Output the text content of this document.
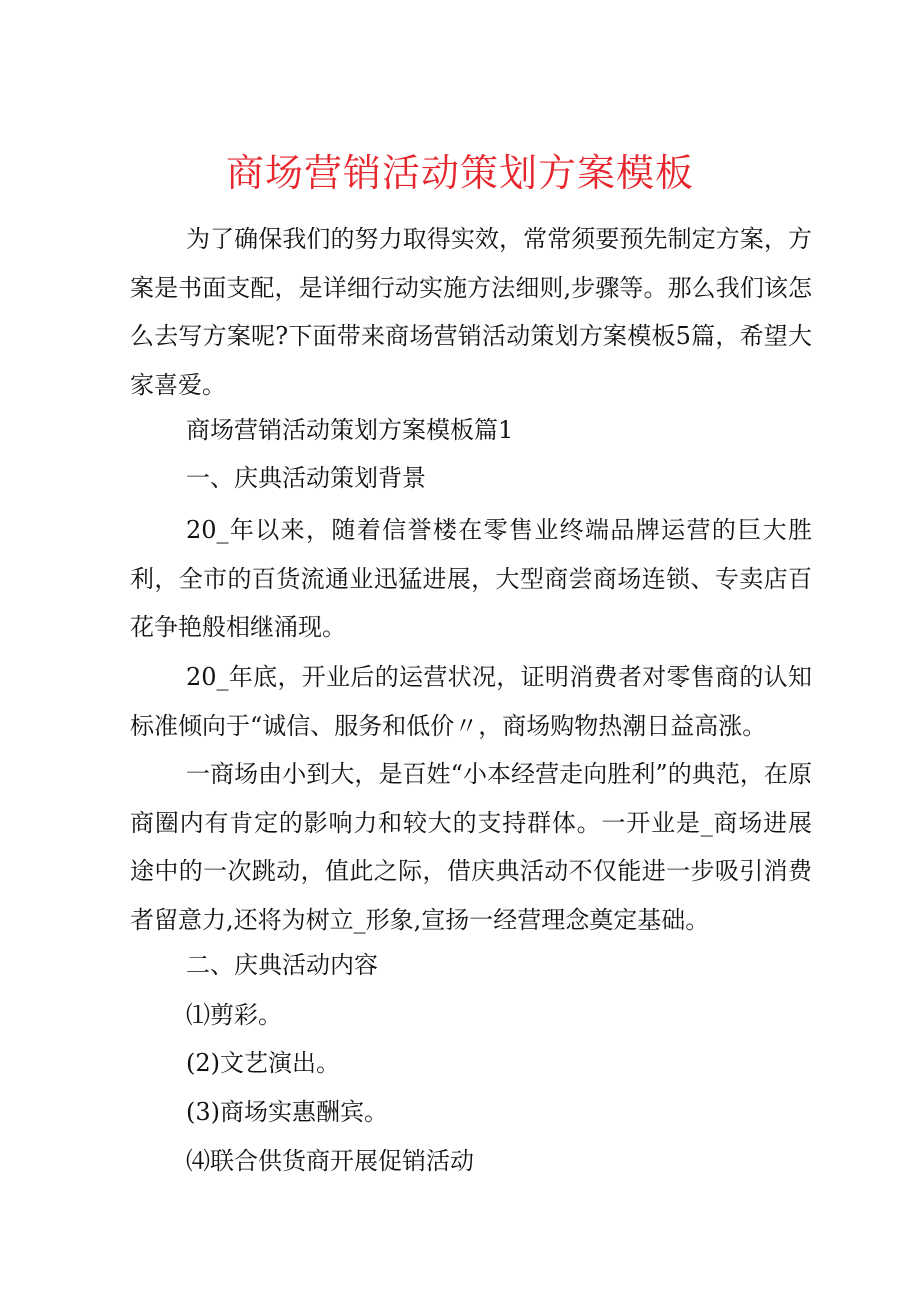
商场营销活动策划方案模板

为了确保我们的努力取得实效，常常须要预先制定方案，方案是书面支配，是详细行动实施方法细则,步骤等。那么我们该怎么去写方案呢?下面带来商场营销活动策划方案模板5篇，希望大家喜爱。

商场营销活动策划方案模板篇1

一、庆典活动策划背景

20_年以来，随着信誉楼在零售业终端品牌运营的巨大胜利，全市的百货流通业迅猛进展，大型商尝商场连锁、专卖店百花争艳般相继涌现。

20_年底，开业后的运营状况，证明消费者对零售商的认知标准倾向于“诚信、服务和低价〃，商场购物热潮日益高涨。

一商场由小到大，是百姓“小本经营走向胜利”的典范，在原商圈内有肯定的影响力和较大的支持群体。一开业是_商场进展途中的一次跳动，值此之际，借庆典活动不仅能进一步吸引消费者留意力,还将为树立_形象,宣扬一经营理念奠定基础。

二、庆典活动内容

⑴剪彩。

(2)文艺演出。

(3)商场实惠酬宾。

⑷联合供货商开展促销活动
